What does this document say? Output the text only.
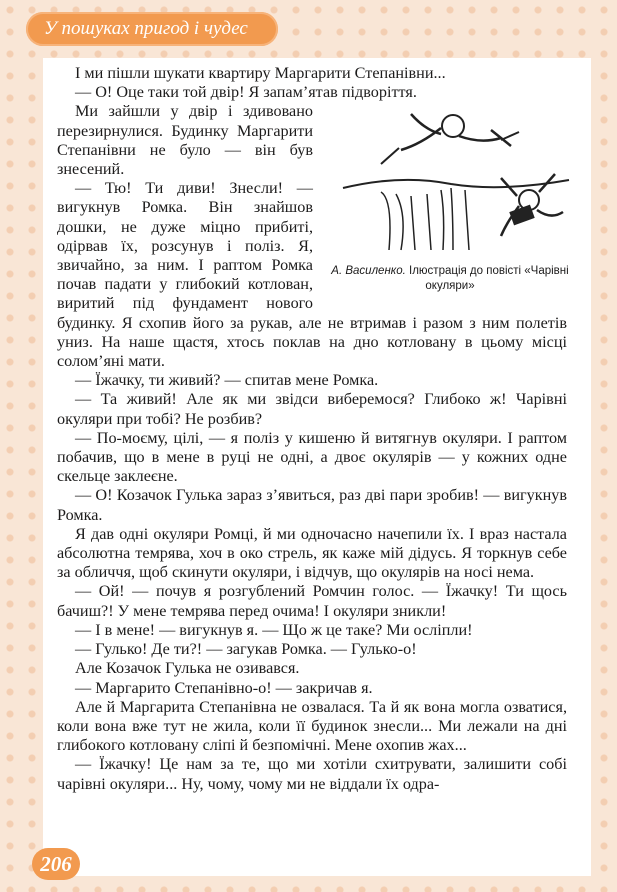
У пошуках пригод і чудес

І ми пішли шукати квартиру Маргарити Степанівни...

— О! Оце таки той двір! Я запам’ятав підворіття.

А. Василенко. Ілюстрація до повісті «Чарівні окуляри»

Ми зайшли у двір і здивовано перезирнулися. Будинку Маргарити Степанівни не було — він був знесений.

— Тю! Ти диви! Знесли! — вигукнув Ромка. Він знайшов дошки, не дуже міцно прибиті, одірвав їх, розсунув і поліз. Я, звичайно, за ним. І раптом Ромка почав падати у глибокий котлован, виритий під фундамент нового будинку. Я схопив його за рукав, але не втримав і разом з ним полетів униз. На наше щастя, хтось поклав на дно котловану в цьому місці солом’яні мати.

— Їжачку, ти живий? — спитав мене Ромка.

— Та живий! Але як ми звідси виберемося? Глибоко ж! Чарівні окуляри при тобі? Не розбив?

— По-моєму, цілі, — я поліз у кишеню й витягнув окуляри. І раптом побачив, що в мене в руці не одні, а двоє окулярів — у кожних одне скельце заклеєне.

— О! Козачок Гулька зараз з’явиться, раз дві пари зробив! — вигукнув Ромка.

Я дав одні окуляри Ромці, й ми одночасно начепили їх. І враз настала абсолютна темрява, хоч в око стрель, як каже мій дідусь. Я торкнув себе за обличчя, щоб скинути окуляри, і відчув, що окулярів на носі нема.

— Ой! — почув я розгублений Ромчин голос. — Їжачку! Ти щось бачиш?! У мене темрява перед очима! І окуляри зникли!

— І в мене! — вигукнув я. — Що ж це таке? Ми осліпли!

— Гулько! Де ти?! — загукав Ромка. — Гулько-о!

Але Козачок Гулька не озивався.

— Маргарито Степанівно-о! — закричав я.

Але й Маргарита Степанівна не озвалася. Та й як вона могла озватися, коли вона вже тут не жила, коли її будинок знесли... Ми лежали на дні глибокого котловану сліпі й безпомічні. Мене охопив жах...

— Їжачку! Це нам за те, що ми хотіли схитрувати, залишити собі чарівні окуляри... Ну, чому, чому ми не віддали їх одра-

206
